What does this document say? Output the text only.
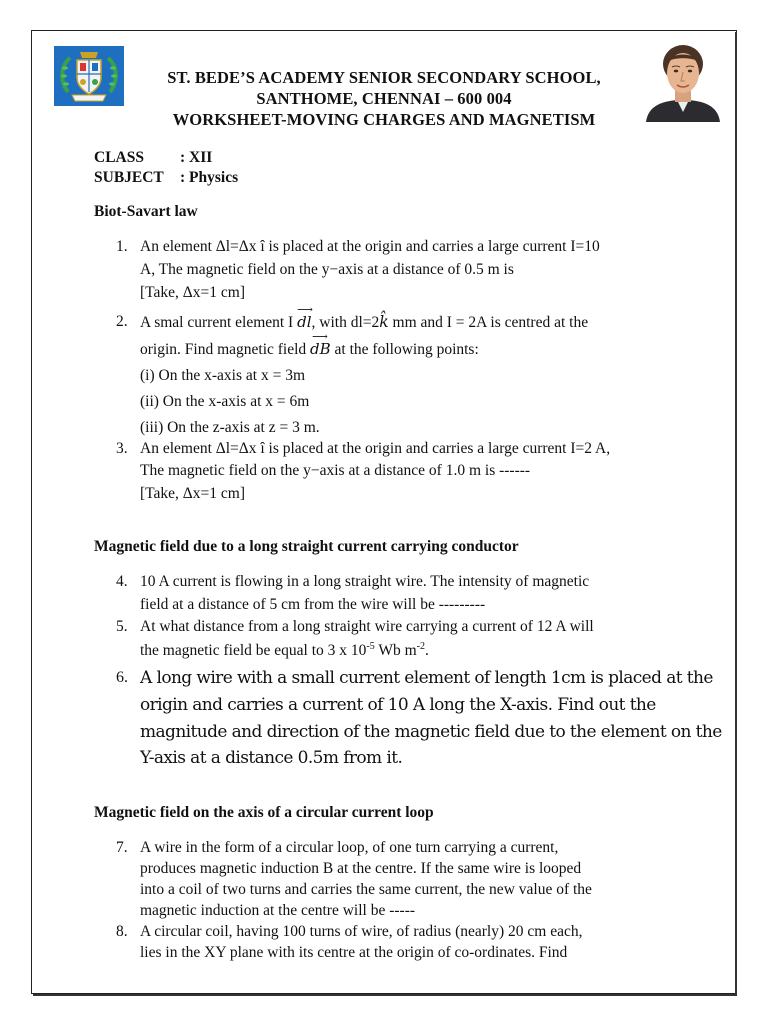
ST. BEDE’S ACADEMY SENIOR SECONDARY SCHOOL,
SANTHOME, CHENNAI – 600 004
WORKSHEET-MOVING CHARGES AND MAGNETISM
CLASS : XII
SUBJECT : Physics
Biot-Savart law
1. An element Δl=Δx î is placed at the origin and carries a large current I=10
A, The magnetic field on the y−axis at a distance of 0.5 m is
[Take, Δx=1 cm]
2. A smal current element I
⟶
dl, with dl=2k̂ mm and I = 2A is centred at the
origin. Find magnetic field
⟶
dB at the following points:
(i) On the x-axis at x = 3m
(ii) On the x-axis at x = 6m
(iii) On the z-axis at z = 3 m.
3. An element Δl=Δx î is placed at the origin and carries a large current I=2 A,
The magnetic field on the y−axis at a distance of 1.0 m is ------
[Take, Δx=1 cm]
Magnetic field due to a long straight current carrying conductor
4. 10 A current is flowing in a long straight wire. The intensity of magnetic
field at a distance of 5 cm from the wire will be ---------
5. At what distance from a long straight wire carrying a current of 12 A will
the magnetic field be equal to 3 x $10^{-5}$ Wb $m^{-2}$.
6. A long wire with a small current element of length 1cm is placed at the
origin and carries a current of 10 A long the X-axis. Find out the
magnitude and direction of the magnetic field due to the element on the
Y-axis at a distance 0.5m from it.
Magnetic field on the axis of a circular current loop
7. A wire in the form of a circular loop, of one turn carrying a current,
produces magnetic induction B at the centre. If the same wire is looped
into a coil of two turns and carries the same current, the new value of the
magnetic induction at the centre will be -----
8. A circular coil, having 100 turns of wire, of radius (nearly) 20 cm each,
lies in the XY plane with its centre at the origin of co-ordinates. Find
